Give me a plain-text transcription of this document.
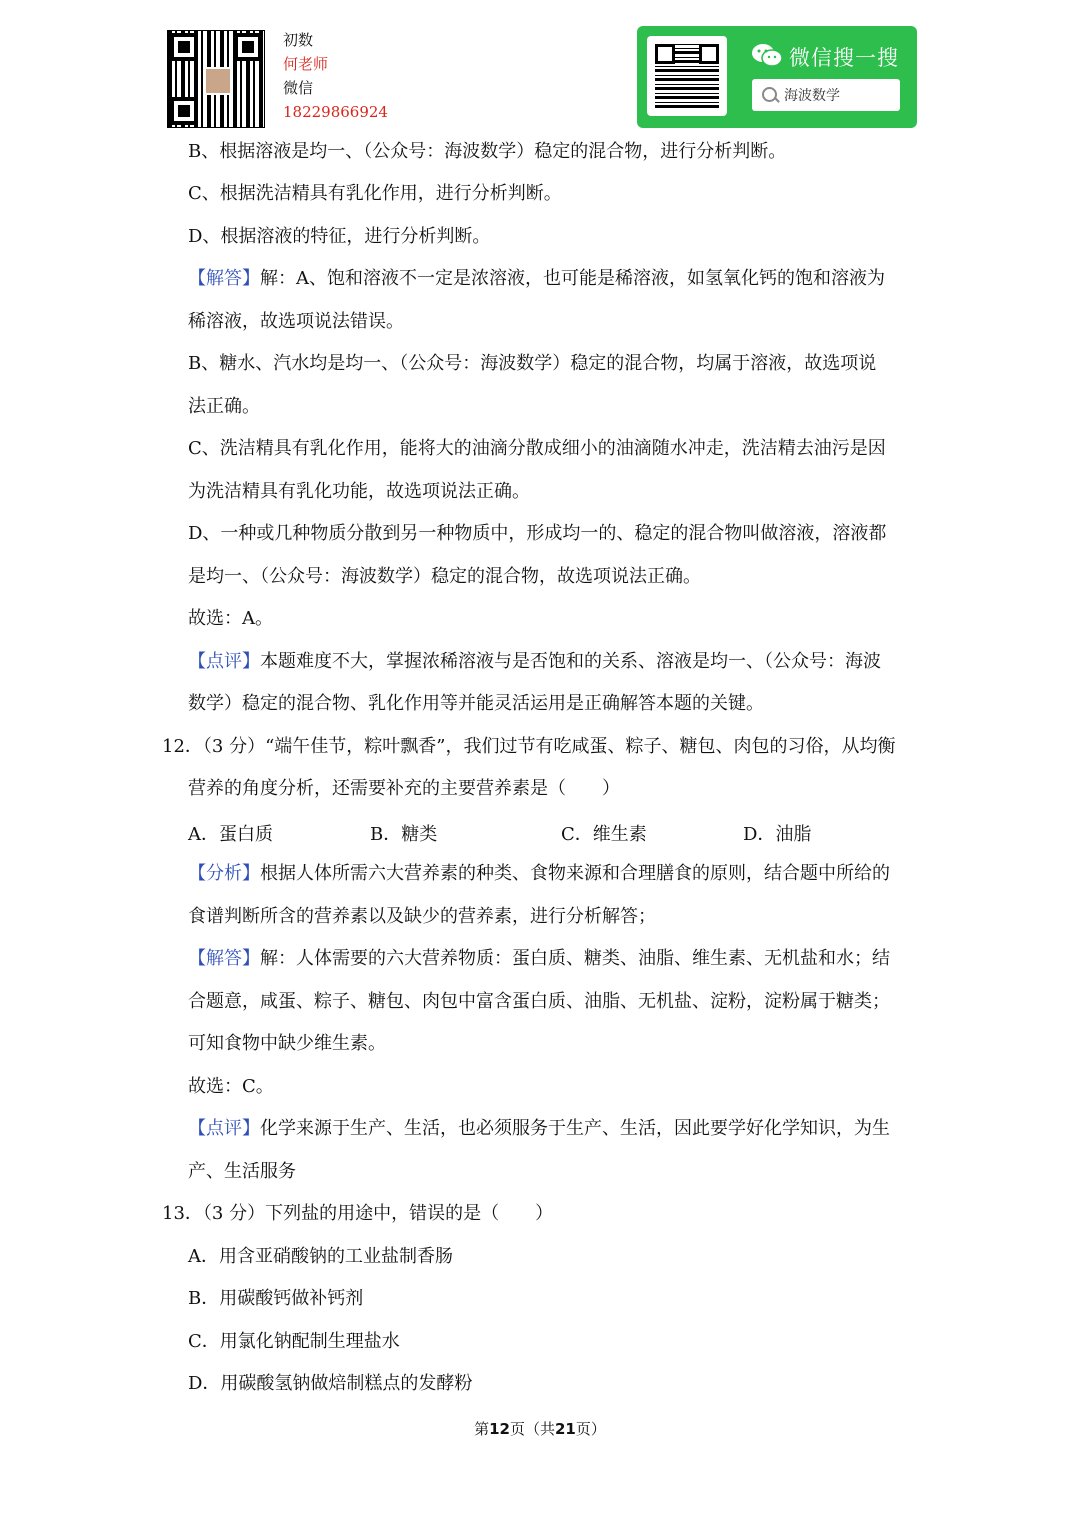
初数
何老师
微信
18229866924
微信搜一搜
海波数学
B、根据溶液是均一、（公众号：海波数学）稳定的混合物，进行分析判断。
C、根据洗洁精具有乳化作用，进行分析判断。
D、根据溶液的特征，进行分析判断。
【解答】解：A、饱和溶液不一定是浓溶液，也可能是稀溶液，如氢氧化钙的饱和溶液为
稀溶液，故选项说法错误。
B、糖水、汽水均是均一、（公众号：海波数学）稳定的混合物，均属于溶液，故选项说
法正确。
C、洗洁精具有乳化作用，能将大的油滴分散成细小的油滴随水冲走，洗洁精去油污是因
为洗洁精具有乳化功能，故选项说法正确。
D、一种或几种物质分散到另一种物质中，形成均一的、稳定的混合物叫做溶液，溶液都
是均一、（公众号：海波数学）稳定的混合物，故选项说法正确。
故选：A。
【点评】本题难度不大，掌握浓稀溶液与是否饱和的关系、溶液是均一、（公众号：海波
数学）稳定的混合物、乳化作用等并能灵活运用是正确解答本题的关键。
12．（3 分）“端午佳节，粽叶飘香”，我们过节有吃咸蛋、粽子、糖包、肉包的习俗，从均衡
营养的角度分析，还需要补充的主要营养素是（　　）
A．蛋白质	B．糖类	C．维生素	D．油脂
【分析】根据人体所需六大营养素的种类、食物来源和合理膳食的原则，结合题中所给的
食谱判断所含的营养素以及缺少的营养素，进行分析解答；
【解答】解：人体需要的六大营养物质：蛋白质、糖类、油脂、维生素、无机盐和水；结
合题意，咸蛋、粽子、糖包、肉包中富含蛋白质、油脂、无机盐、淀粉，淀粉属于糖类；
可知食物中缺少维生素。
故选：C。
【点评】化学来源于生产、生活，也必须服务于生产、生活，因此要学好化学知识，为生
产、生活服务
13．（3 分）下列盐的用途中，错误的是（　　）
A．用含亚硝酸钠的工业盐制香肠
B．用碳酸钙做补钙剂
C．用氯化钠配制生理盐水
D．用碳酸氢钠做焙制糕点的发酵粉
第12页（共21页）
